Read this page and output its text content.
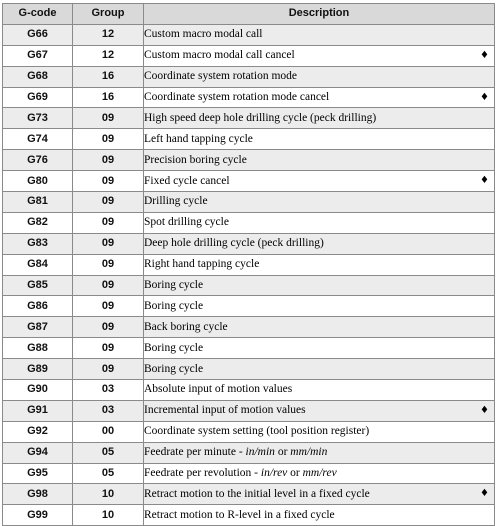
G-code	Group	Description
G66	12	Custom macro modal call
G67	12	Custom macro modal call cancel ♦

G68	16	Coordinate system rotation mode
G69	16	Coordinate system rotation mode cancel ♦

G73	09	High speed deep hole drilling cycle (peck drilling)
G74	09	Left hand tapping cycle
G76	09	Precision boring cycle
G80	09	Fixed cycle cancel ♦

G81	09	Drilling cycle
G82	09	Spot drilling cycle
G83	09	Deep hole drilling cycle (peck drilling)
G84	09	Right hand tapping cycle
G85	09	Boring cycle
G86	09	Boring cycle
G87	09	Back boring cycle
G88	09	Boring cycle
G89	09	Boring cycle
G90	03	Absolute input of motion values
G91	03	Incremental input of motion values ♦

G92	00	Coordinate system setting (tool position register)
G94	05	Feedrate per minute - in/min or mm/min
G95	05	Feedrate per revolution - in/rev or mm/rev
G98	10	Retract motion to the initial level in a fixed cycle ♦

G99	10	Retract motion to R-level in a fixed cycle
